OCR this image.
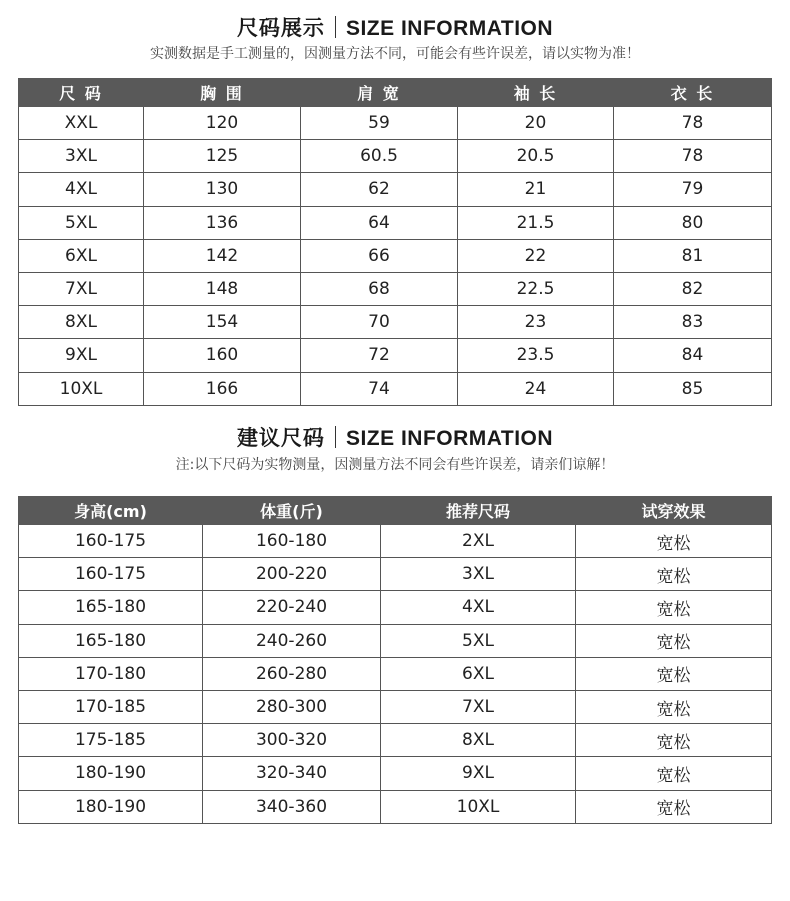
尺码展示 SIZE INFORMATION
实测数据是手工测量的，因测量方法不同，可能会有些许误差，请以实物为准！
尺 码	胸 围	肩 宽	袖 长	衣 长
XXL	120	59	20	78
3XL	125	60.5	20.5	78
4XL	130	62	21	79
5XL	136	64	21.5	80
6XL	142	66	22	81
7XL	148	68	22.5	82
8XL	154	70	23	83
9XL	160	72	23.5	84
10XL	166	74	24	85
建议尺码 SIZE INFORMATION
注:以下尺码为实物测量，因测量方法不同会有些许误差，请亲们谅解！
身高(cm)	体重(斤)	推荐尺码	试穿效果
160-175	160-180	2XL	宽松
160-175	200-220	3XL	宽松
165-180	220-240	4XL	宽松
165-180	240-260	5XL	宽松
170-180	260-280	6XL	宽松
170-185	280-300	7XL	宽松
175-185	300-320	8XL	宽松
180-190	320-340	9XL	宽松
180-190	340-360	10XL	宽松
